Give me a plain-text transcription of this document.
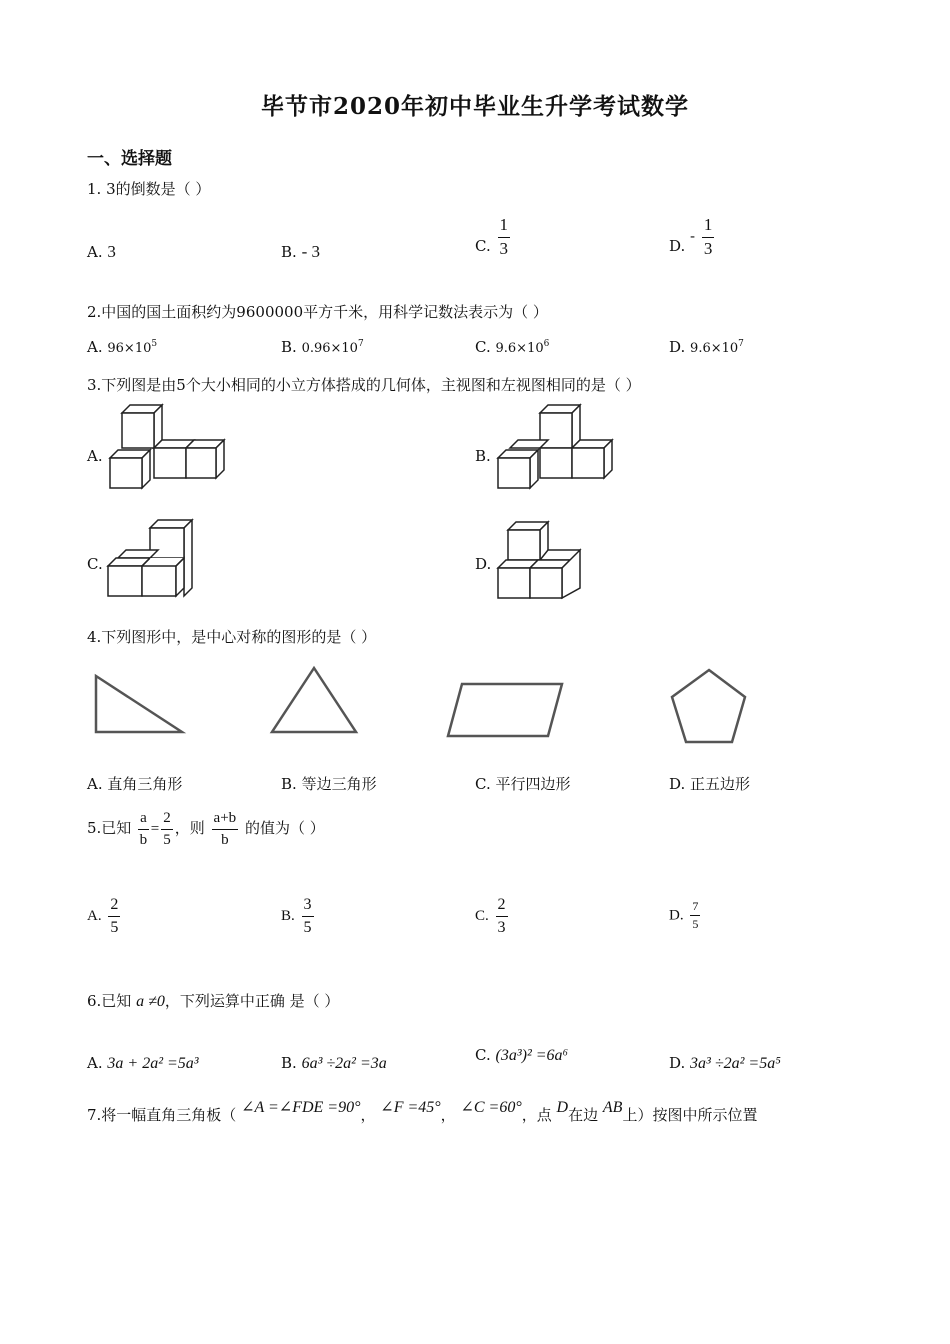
毕节市2020年初中毕业生升学考试数学
一、选择题
1. 3的倒数是（ ）
A. 3	B. - 3	C. $\frac{1}{3}$	D. - $\frac{1}{3}$
2.中国的国土面积约为9600000平方千米，用科学记数法表示为（ ）
A. $96\times 10^5$	B. $0.96\times 10^7$	C. $9.6\times 10^6$	D. $9.6\times 10^7$
3.下列图是由5个大小相同的小立方体搭成的几何体，主视图和左视图相同的是（ ）
A.	B.
C.	D.
4.下列图形中，是中心对称的图形的是（ ）
A. 直角三角形	B. 等边三角形	C. 平行四边形	D. 正五边形
5.已知 $\frac{a}{b} = \frac{2}{5}$ ，则 $\frac{a+b}{b}$ 的值为（ ）
A. $\frac{2}{5}$	B. $\frac{3}{5}$	C. $\frac{2}{3}$	D. $\frac{7}{5}$
6.已知 a ≠0，下列运算中正确 是（ ）
A. 3a + 2a² =5a³	B. 6a³ ÷2a² =3a	C. (3a³)² =6a⁶	D. 3a³ ÷2a² =5a⁵
7.将一幅直角三角板（ ∠A =∠FDE =90°， ∠F =45°， ∠C =60°，点 D在边 AB上）按图中所示位置
